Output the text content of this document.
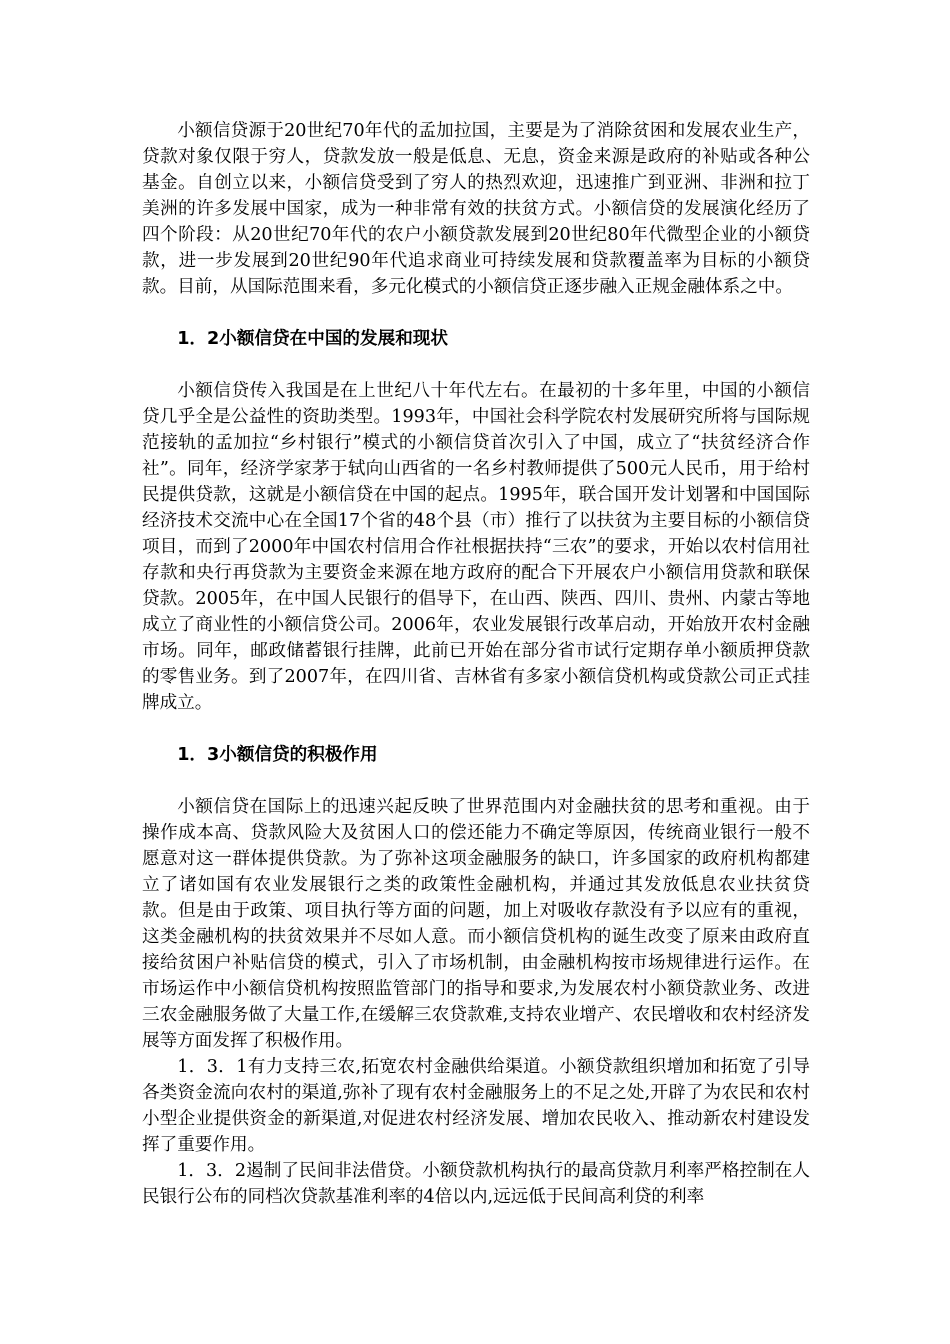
小额信贷源于20世纪70年代的孟加拉国，主要是为了消除贫困和发展农业生产，贷款对象仅限于穷人，贷款发放一般是低息、无息，资金来源是政府的补贴或各种公基金。自创立以来，小额信贷受到了穷人的热烈欢迎，迅速推广到亚洲、非洲和拉丁美洲的许多发展中国家，成为一种非常有效的扶贫方式。小额信贷的发展演化经历了四个阶段：从20世纪70年代的农户小额贷款发展到20世纪80年代微型企业的小额贷款，进一步发展到20世纪90年代追求商业可持续发展和贷款覆盖率为目标的小额贷款。目前，从国际范围来看，多元化模式的小额信贷正逐步融入正规金融体系之中。

1．2小额信贷在中国的发展和现状

小额信贷传入我国是在上世纪八十年代左右。在最初的十多年里，中国的小额信贷几乎全是公益性的资助类型。1993年，中国社会科学院农村发展研究所将与国际规范接轨的孟加拉“乡村银行”模式的小额信贷首次引入了中国，成立了“扶贫经济合作社”。同年，经济学家茅于轼向山西省的一名乡村教师提供了500元人民币，用于给村民提供贷款，这就是小额信贷在中国的起点。1995年，联合国开发计划署和中国国际经济技术交流中心在全国17个省的48个县（市）推行了以扶贫为主要目标的小额信贷项目，而到了2000年中国农村信用合作社根据扶持“三农”的要求，开始以农村信用社存款和央行再贷款为主要资金来源在地方政府的配合下开展农户小额信用贷款和联保贷款。2005年，在中国人民银行的倡导下，在山西、陕西、四川、贵州、内蒙古等地成立了商业性的小额信贷公司。2006年，农业发展银行改革启动，开始放开农村金融市场。同年，邮政储蓄银行挂牌，此前已开始在部分省市试行定期存单小额质押贷款的零售业务。到了2007年，在四川省、吉林省有多家小额信贷机构或贷款公司正式挂牌成立。

1．3小额信贷的积极作用

小额信贷在国际上的迅速兴起反映了世界范围内对金融扶贫的思考和重视。由于操作成本高、贷款风险大及贫困人口的偿还能力不确定等原因，传统商业银行一般不愿意对这一群体提供贷款。为了弥补这项金融服务的缺口，许多国家的政府机构都建立了诸如国有农业发展银行之类的政策性金融机构，并通过其发放低息农业扶贫贷款。但是由于政策、项目执行等方面的问题，加上对吸收存款没有予以应有的重视，这类金融机构的扶贫效果并不尽如人意。而小额信贷机构的诞生改变了原来由政府直接给贫困户补贴信贷的模式，引入了市场机制，由金融机构按市场规律进行运作。在市场运作中小额信贷机构按照监管部门的指导和要求,为发展农村小额贷款业务、改进三农金融服务做了大量工作,在缓解三农贷款难,支持农业增产、农民增收和农村经济发展等方面发挥了积极作用。

1．3．1有力支持三农,拓宽农村金融供给渠道。小额贷款组织增加和拓宽了引导各类资金流向农村的渠道,弥补了现有农村金融服务上的不足之处,开辟了为农民和农村小型企业提供资金的新渠道,对促进农村经济发展、增加农民收入、推动新农村建设发挥了重要作用。

1．3．2遏制了民间非法借贷。小额贷款机构执行的最高贷款月利率严格控制在人民银行公布的同档次贷款基准利率的4倍以内,远远低于民间高利贷的利率
